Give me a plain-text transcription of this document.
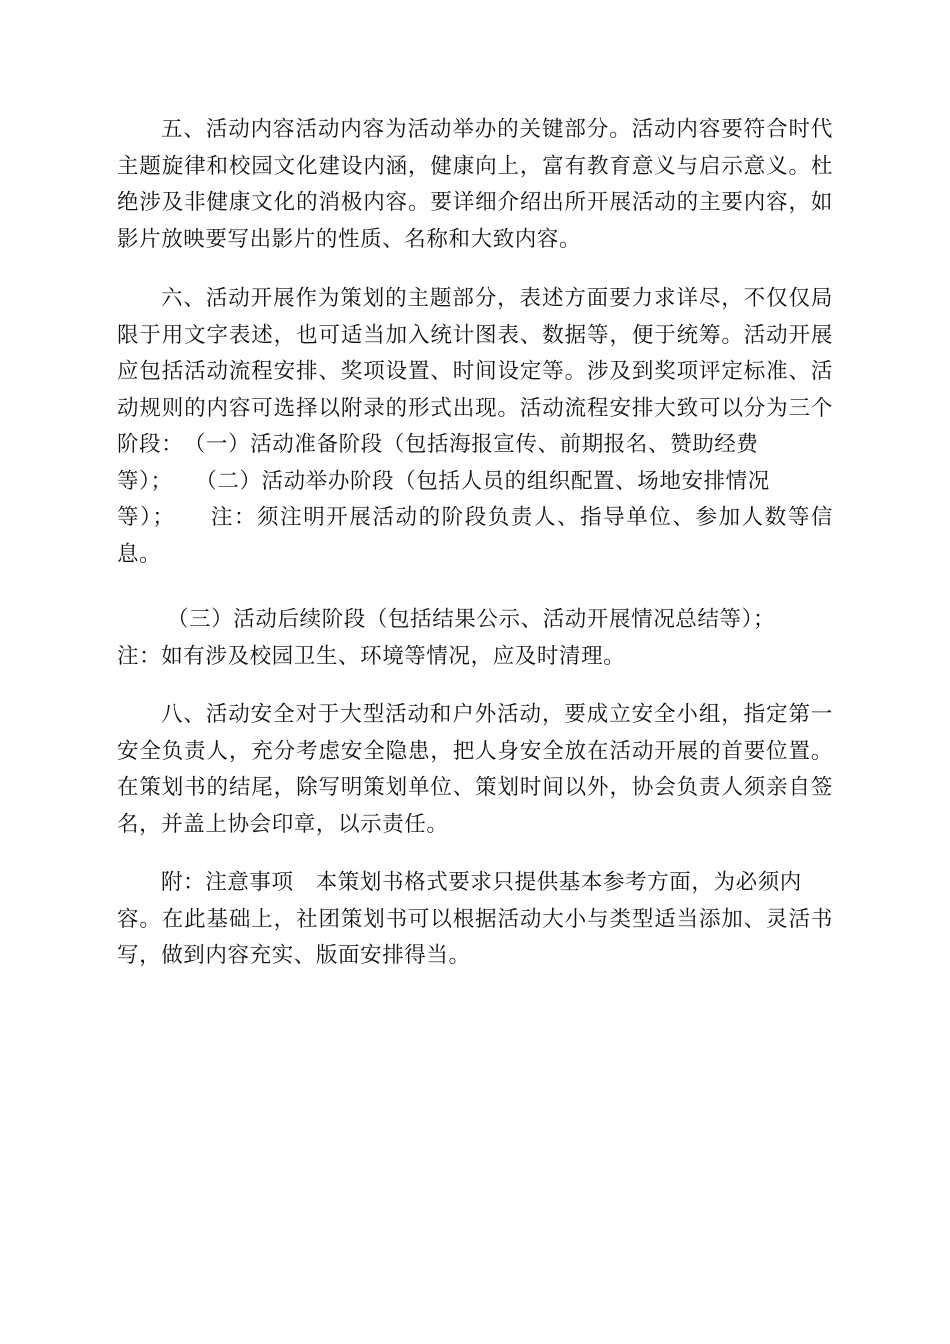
五、活动内容活动内容为活动举办的关键部分。活动内容要符合时代
主题旋律和校园文化建设内涵，健康向上，富有教育意义与启示意义。杜
绝涉及非健康文化的消极内容。要详细介绍出所开展活动的主要内容，如
影片放映要写出影片的性质、名称和大致内容。
六、活动开展作为策划的主题部分，表述方面要力求详尽，不仅仅局
限于用文字表述，也可适当加入统计图表、数据等，便于统筹。活动开展
应包括活动流程安排、奖项设置、时间设定等。涉及到奖项评定标准、活
动规则的内容可选择以附录的形式出现。活动流程安排大致可以分为三个
阶段：　（一）活动准备阶段（包括海报宣传、前期报名、赞助经费
等）；　　（二）活动举办阶段（包括人员的组织配置、场地安排情况
等）；　　注：须注明开展活动的阶段负责人、指导单位、参加人数等信
息。
（三）活动后续阶段（包括结果公示、活动开展情况总结等）；
注：如有涉及校园卫生、环境等情况，应及时清理。
八、活动安全对于大型活动和户外活动，要成立安全小组，指定第一
安全负责人，充分考虑安全隐患，把人身安全放在活动开展的首要位置。
在策划书的结尾，除写明策划单位、策划时间以外，协会负责人须亲自签
名，并盖上协会印章，以示责任。
附：注意事项　本策划书格式要求只提供基本参考方面，为必须内
容。在此基础上，社团策划书可以根据活动大小与类型适当添加、灵活书
写，做到内容充实、版面安排得当。
